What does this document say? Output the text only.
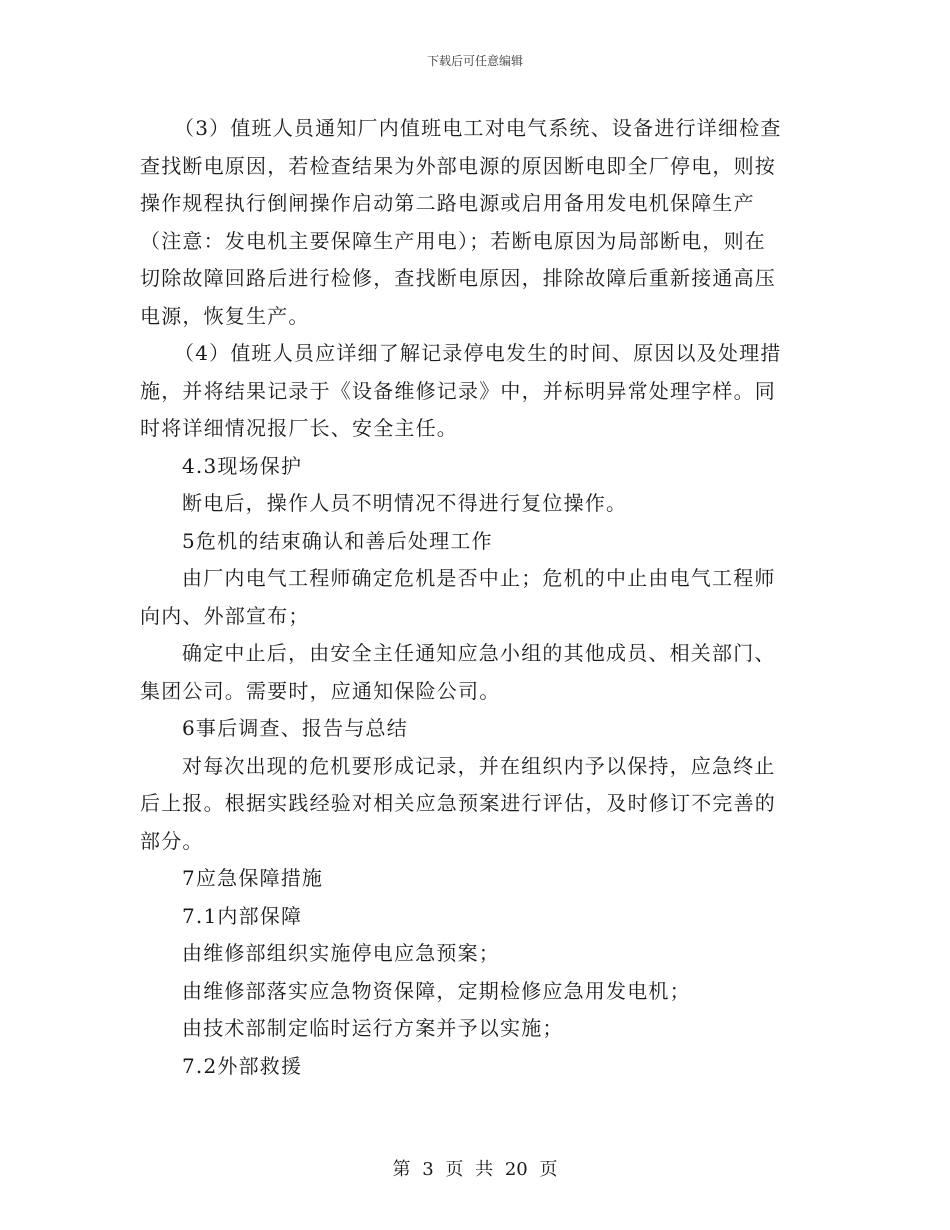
下载后可任意编辑

（3）值班人员通知厂内值班电工对电气系统、设备进行详细检查

查找断电原因，若检查结果为外部电源的原因断电即全厂停电，则按

操作规程执行倒闸操作启动第二路电源或启用备用发电机保障生产

（注意：发电机主要保障生产用电）；若断电原因为局部断电，则在

切除故障回路后进行检修，查找断电原因，排除故障后重新接通高压

电源，恢复生产。

（4）值班人员应详细了解记录停电发生的时间、原因以及处理措

施，并将结果记录于《设备维修记录》中，并标明异常处理字样。同

时将详细情况报厂长、安全主任。

4.3现场保护

断电后，操作人员不明情况不得进行复位操作。

5危机的结束确认和善后处理工作

由厂内电气工程师确定危机是否中止；危机的中止由电气工程师

向内、外部宣布；

确定中止后，由安全主任通知应急小组的其他成员、相关部门、

集团公司。需要时，应通知保险公司。

6事后调查、报告与总结

对每次出现的危机要形成记录，并在组织内予以保持，应急终止

后上报。根据实践经验对相关应急预案进行评估，及时修订不完善的

部分。

7应急保障措施

7.1内部保障

由维修部组织实施停电应急预案；

由维修部落实应急物资保障，定期检修应急用发电机；

由技术部制定临时运行方案并予以实施；

7.2外部救援

第 3 页 共 20 页
